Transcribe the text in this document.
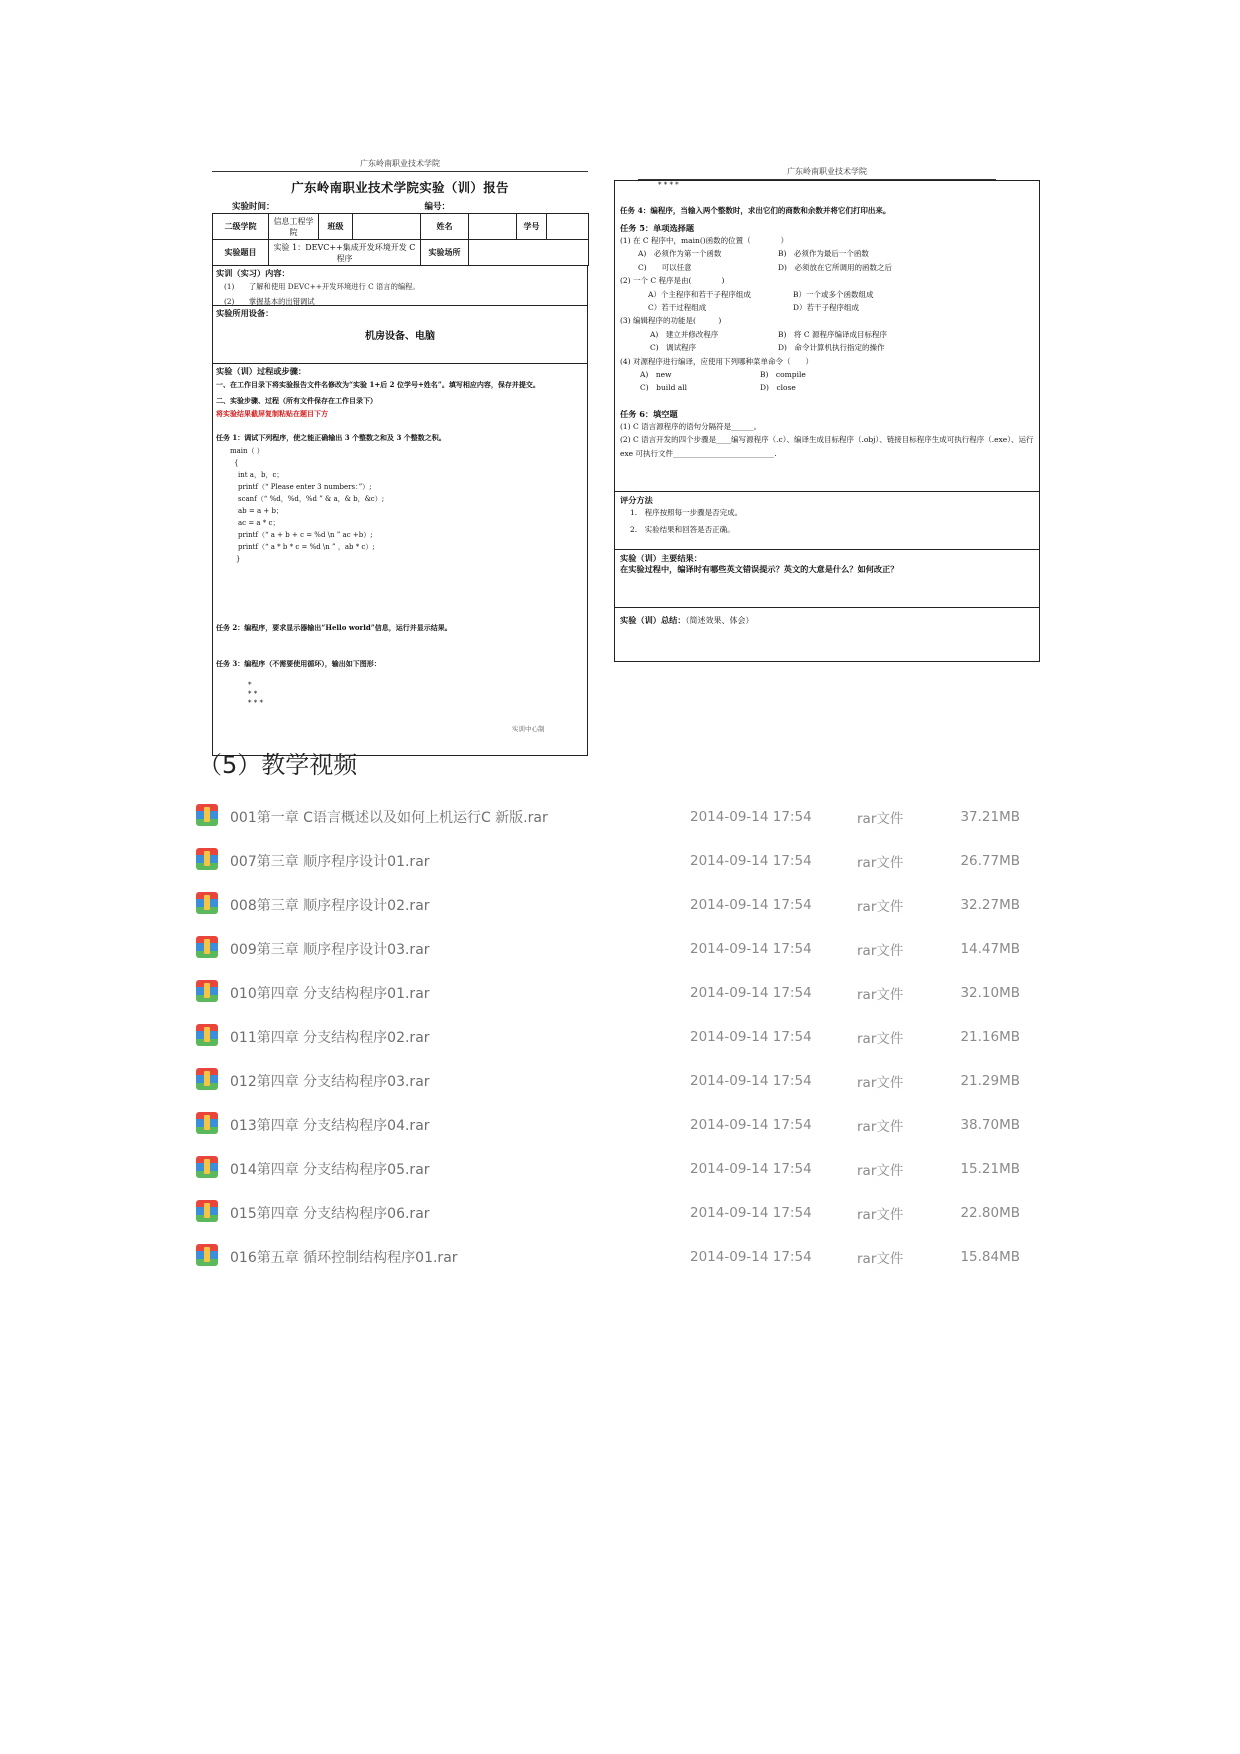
广东岭南职业技术学院
广东岭南职业技术学院实验（训）报告
实验时间：	编号：
二级学院	信息工程学院	班级		姓名		学号	
实验题目	实验 1：DEVC++集成开发环境开发 C 程序			实验场所			
实训（实习）内容：
(1)　　了解和使用 DEVC++开发环境进行 C 语言的编程。
(2)　　掌握基本的出错调试
实验所用设备：
机房设备、电脑
实验（训）过程或步骤：
一、在工作目录下将实验报告文件名修改为“实验 1+后 2 位学号+姓名”。填写相应内容，保存并提交。
二、实验步骤、过程（所有文件保存在工作目录下）
将实验结果截屏复制粘贴在题目下方
任务 1：调试下列程序，使之能正确输出 3 个整数之和及 3 个整数之积。
main（ ）
{
int a，b，c；
printf（“ Please enter 3 numbers：”）;
scanf（“ %d，%d，%d ” & a，& b，&c）;
ab = a + b；
ac = a * c；
printf（“ a + b + c = %d \n ” ac +b）;
printf（“ a * b * c = %d \n ” ，ab * c）;
}
任务 2：编程序，要求显示器输出“Hello world”信息，运行并显示结果。
任务 3：编程序（不需要使用循环），输出如下图形：
*
* *
* * *
实训中心制
广东岭南职业技术学院
* * * *
任务 4：编程序，当输入两个整数时，求出它们的商数和余数并将它们打印出来。
任务 5：单项选择题
(1) 在 C 程序中，main()函数的位置（　　　　）
A)　必须作为第一个函数	B)　必须作为最后一个函数
C)　　可以任意	D)　必须放在它所调用的函数之后
(2) 一个 C 程序是由(　　　　)
A）个主程序和若干子程序组成	B）一个或多个函数组成
C）若干过程组成	D）若干子程序组成
(3) 编辑程序的功能是(　　　)
A)　建立并修改程序	B)　将 C 源程序编译成目标程序
C)　调试程序	D)　命令计算机执行指定的操作
(4) 对源程序进行编译，应使用下列哪种菜单命令（　　）
A)　new	B)　compile
C)　build all	D)　close
任务 6：填空题
(1) C 语言源程序的语句分隔符是______。
(2) C 语言开发的四个步骤是____编写源程序（.c）、编译生成目标程序（.obj）、链接目标程序生成可执行程序（.exe）、运行 exe 可执行文件___________________________.
评分方法
1.　程序按照每一步骤是否完成。
2.　实验结果和回答是否正确。
实验（训）主要结果：
在实验过程中，编译时有哪些英文错误提示？英文的大意是什么？如何改正？
实验（训）总结：（简述效果、体会）
（5）教学视频
001第一章 C语言概述以及如何上机运行C 新版.rar	2014-09-14 17:54	rar文件	37.21MB
007第三章 顺序程序设计01.rar	2014-09-14 17:54	rar文件	26.77MB
008第三章 顺序程序设计02.rar	2014-09-14 17:54	rar文件	32.27MB
009第三章 顺序程序设计03.rar	2014-09-14 17:54	rar文件	14.47MB
010第四章 分支结构程序01.rar	2014-09-14 17:54	rar文件	32.10MB
011第四章 分支结构程序02.rar	2014-09-14 17:54	rar文件	21.16MB
012第四章 分支结构程序03.rar	2014-09-14 17:54	rar文件	21.29MB
013第四章 分支结构程序04.rar	2014-09-14 17:54	rar文件	38.70MB
014第四章 分支结构程序05.rar	2014-09-14 17:54	rar文件	15.21MB
015第四章 分支结构程序06.rar	2014-09-14 17:54	rar文件	22.80MB
016第五章 循环控制结构程序01.rar	2014-09-14 17:54	rar文件	15.84MB
